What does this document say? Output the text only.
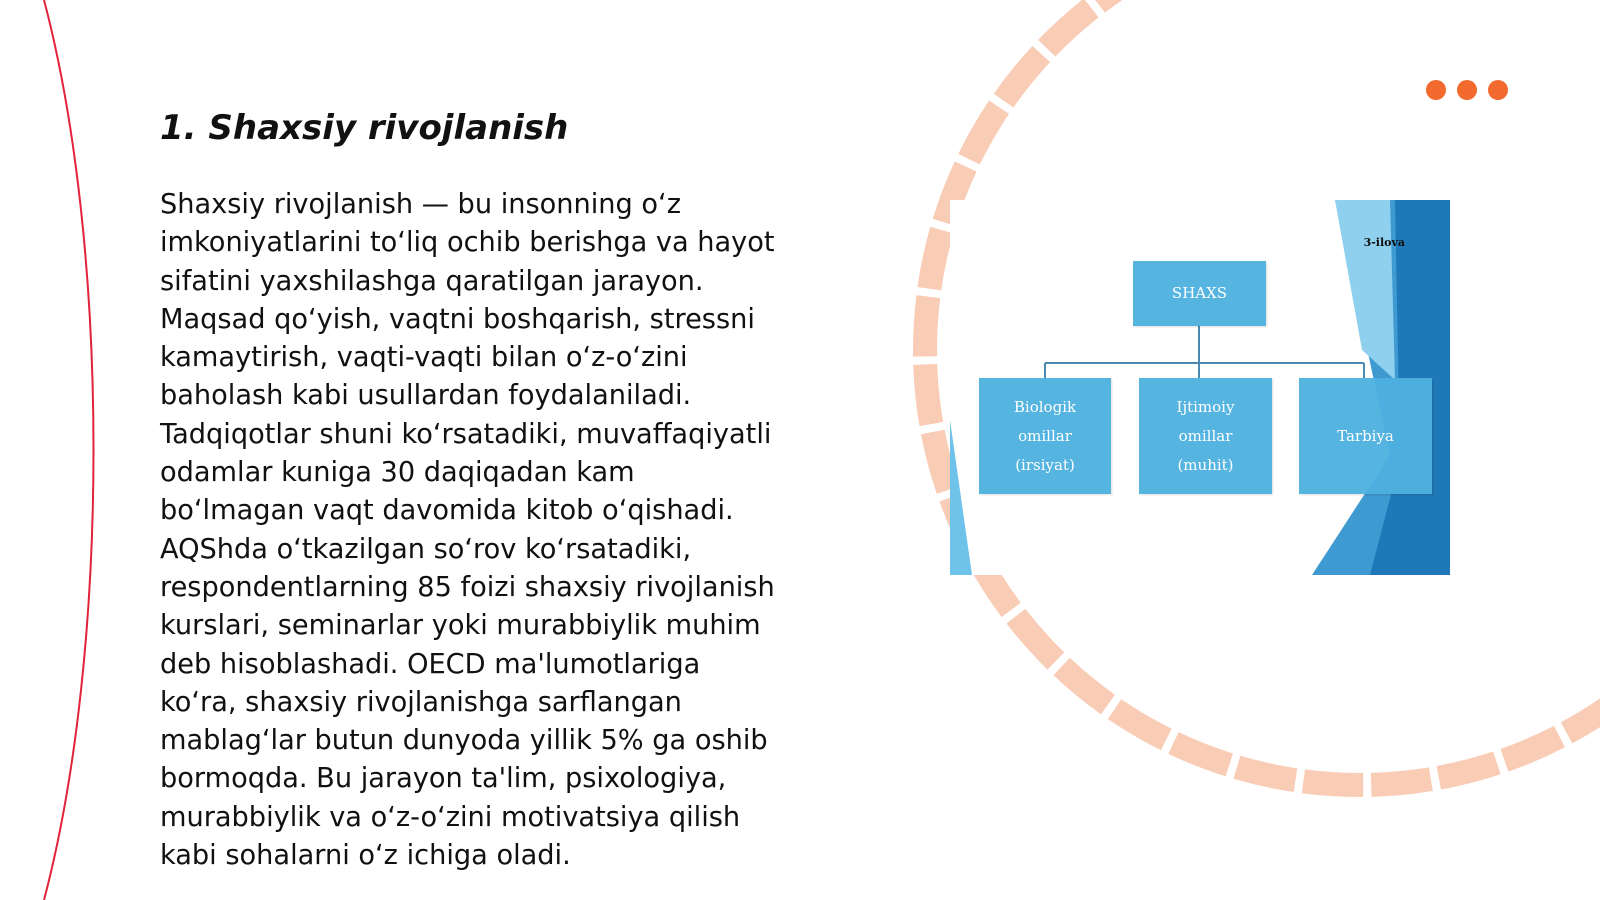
1. Shaxsiy rivojlanish
Shaxsiy rivojlanish — bu insonning oʻz
imkoniyatlarini toʻliq ochib berishga va hayot
sifatini yaxshilashga qaratilgan jarayon.
Maqsad qoʻyish, vaqtni boshqarish, stressni
kamaytirish, vaqti-vaqti bilan oʻz-oʻzini
baholash kabi usullardan foydalaniladi.
Tadqiqotlar shuni koʻrsatadiki, muvaffaqiyatli
odamlar kuniga 30 daqiqadan kam
boʻlmagan vaqt davomida kitob oʻqishadi.
AQShda oʻtkazilgan soʻrov koʻrsatadiki,
respondentlarning 85 foizi shaxsiy rivojlanish
kurslari, seminarlar yoki murabbiylik muhim
deb hisoblashadi. OECD ma'lumotlariga
koʻra, shaxsiy rivojlanishga sarflangan
mablagʻlar butun dunyoda yillik 5% ga oshib
bormoqda. Bu jarayon ta'lim, psixologiya,
murabbiylik va oʻz-oʻzini motivatsiya qilish
kabi sohalarni oʻz ichiga oladi.
3-ilova
SHAXS
Biologik
omillar
(irsiyat)
Ijtimoiy
omillar
(muhit)
Tarbiya
